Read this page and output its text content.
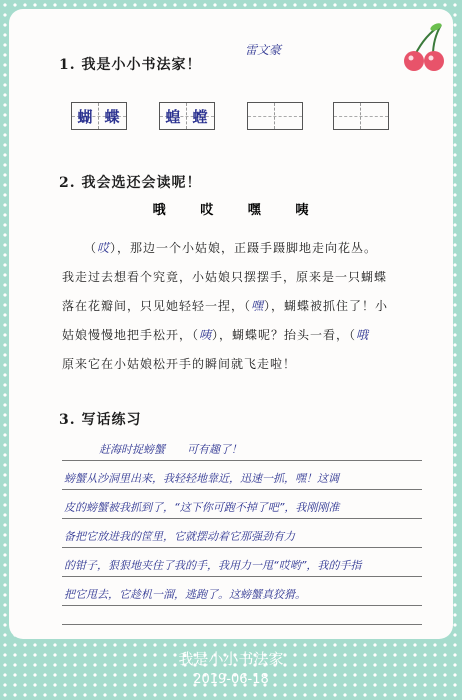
1. 我是小小书法家！
雷文豪
蝴 蝶	蝗 螳
2. 我会选还会读呢！
哦	哎	嘿	咦
（哎），那边一个小姑娘，正蹑手蹑脚地走向花丛。
我走过去想看个究竟，小姑娘只摆摆手，原来是一只蝴蝶
落在花瓣间，只见她轻轻一捏，（嘿），蝴蝶被抓住了！小
姑娘慢慢地把手松开，（咦），蝴蝶呢？抬头一看，（哦
原来它在小姑娘松开手的瞬间就飞走啦！
3. 写话练习
赶海时捉螃蟹　　可有趣了！
螃蟹从沙洞里出来，我轻轻地靠近，迅速一抓，嘿！这调
皮的螃蟹被我抓到了，“这下你可跑不掉了吧”，我刚刚准
备把它放进我的筐里，它就摆动着它那强劲有力
的钳子，狠狠地夹住了我的手，我用力一甩“哎哟”，我的手指
把它甩去，它趁机一溜，逃跑了。这螃蟹真狡猾。
我是小小书法家
2019-06-18
